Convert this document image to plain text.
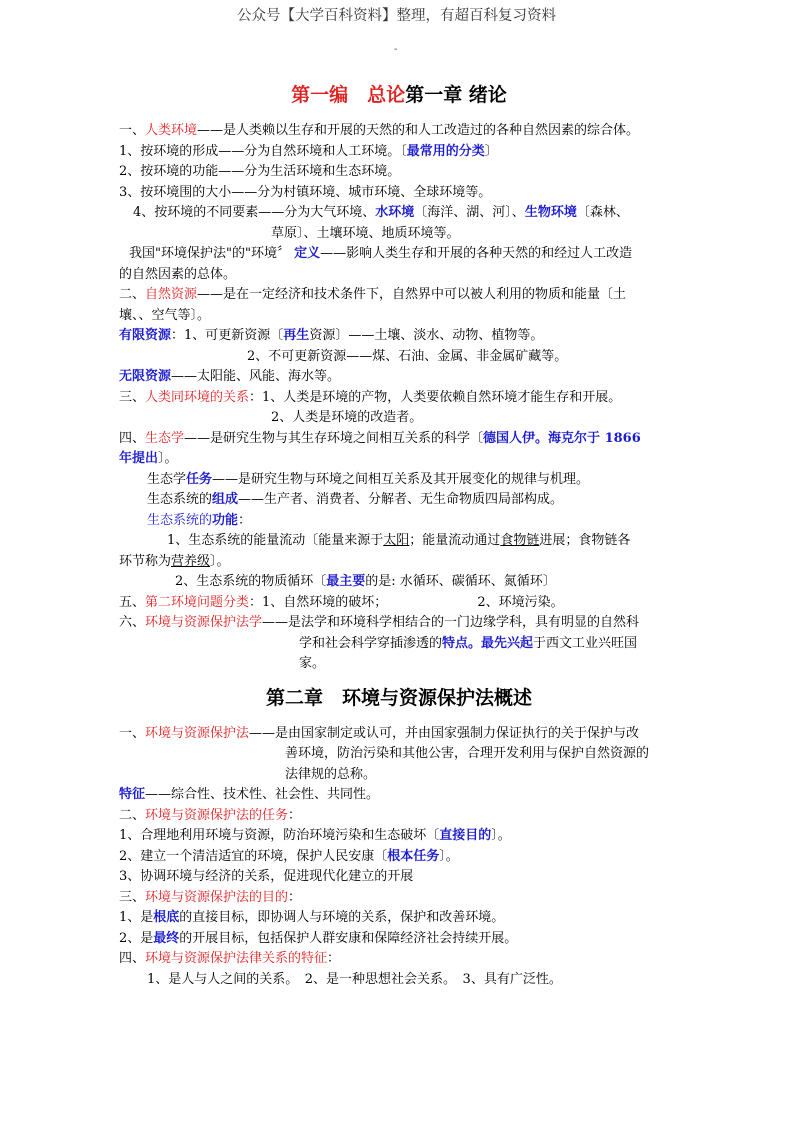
公众号【大学百科资料】整理，有超百科复习资料
-
第一编　总论第一章 绪论
一、人类环境——是人类赖以生存和开展的天然的和人工改造过的各种自然因素的综合体。
1、按环境的形成——分为自然环境和人工环境。〔最常用的分类〕
2、按环境的功能——分为生活环境和生态环境。
3、按环境围的大小——分为村镇环境、城市环境、全球环境等。
4、按环境的不同要素——分为大气环境、水环境〔海洋、湖、河〕、生物环境〔森林、
草原〕、土壤环境、地质环境等。
我国"环境保护法"的"环境〞 定义——影响人类生存和开展的各种天然的和经过人工改造
的自然因素的总体。
二、自然资源——是在一定经济和技术条件下，自然界中可以被人利用的物质和能量〔土
壤、、空气等〕。
有限资源：1、可更新资源〔再生资源〕——土壤、淡水、动物、植物等。
2、不可更新资源——煤、石油、金属、非金属矿藏等。
无限资源——太阳能、风能、海水等。
三、人类同环境的关系：1、人类是环境的产物，人类要依赖自然环境才能生存和开展。
2、人类是环境的改造者。
四、生态学——是研究生物与其生存环境之间相互关系的科学〔德国人伊。海克尔于 1866
年提出〕。
生态学任务——是研究生物与环境之间相互关系及其开展变化的规律与机理。
生态系统的组成——生产者、消费者、分解者、无生命物质四局部构成。
生态系统的功能：
1、生态系统的能量流动〔能量来源于太阳；能量流动通过食物链进展；食物链各
环节称为营养级〕。
2、生态系统的物质循环〔最主要的是: 水循环、碳循环、氮循环〕
五、第二环境问题分类：1、自然环境的破坏；	2、环境污染。
六、环境与资源保护法学——是法学和环境科学相结合的一门边缘学科，具有明显的自然科
学和社会科学穿插渗透的特点。最先兴起于西文工业兴旺国
家。
第二章　环境与资源保护法概述
一、环境与资源保护法——是由国家制定或认可，并由国家强制力保证执行的关于保护与改
善环境，防治污染和其他公害，合理开发利用与保护自然资源的
法律规的总称。
特征——综合性、技术性、社会性、共同性。
二、环境与资源保护法的任务：
1、合理地利用环境与资源，防治环境污染和生态破坏〔直接目的〕。
2、建立一个清洁适宜的环境，保护人民安康〔根本任务〕。
3、协调环境与经济的关系，促进现代化建立的开展
三、环境与资源保护法的目的：
1、是根底的直接目标，即协调人与环境的关系，保护和改善环境。
2、是最终的开展目标，包括保护人群安康和保障经济社会持续开展。
四、环境与资源保护法律关系的特征：
1、是人与人之间的关系。　2、是一种思想社会关系。　3、具有广泛性。
